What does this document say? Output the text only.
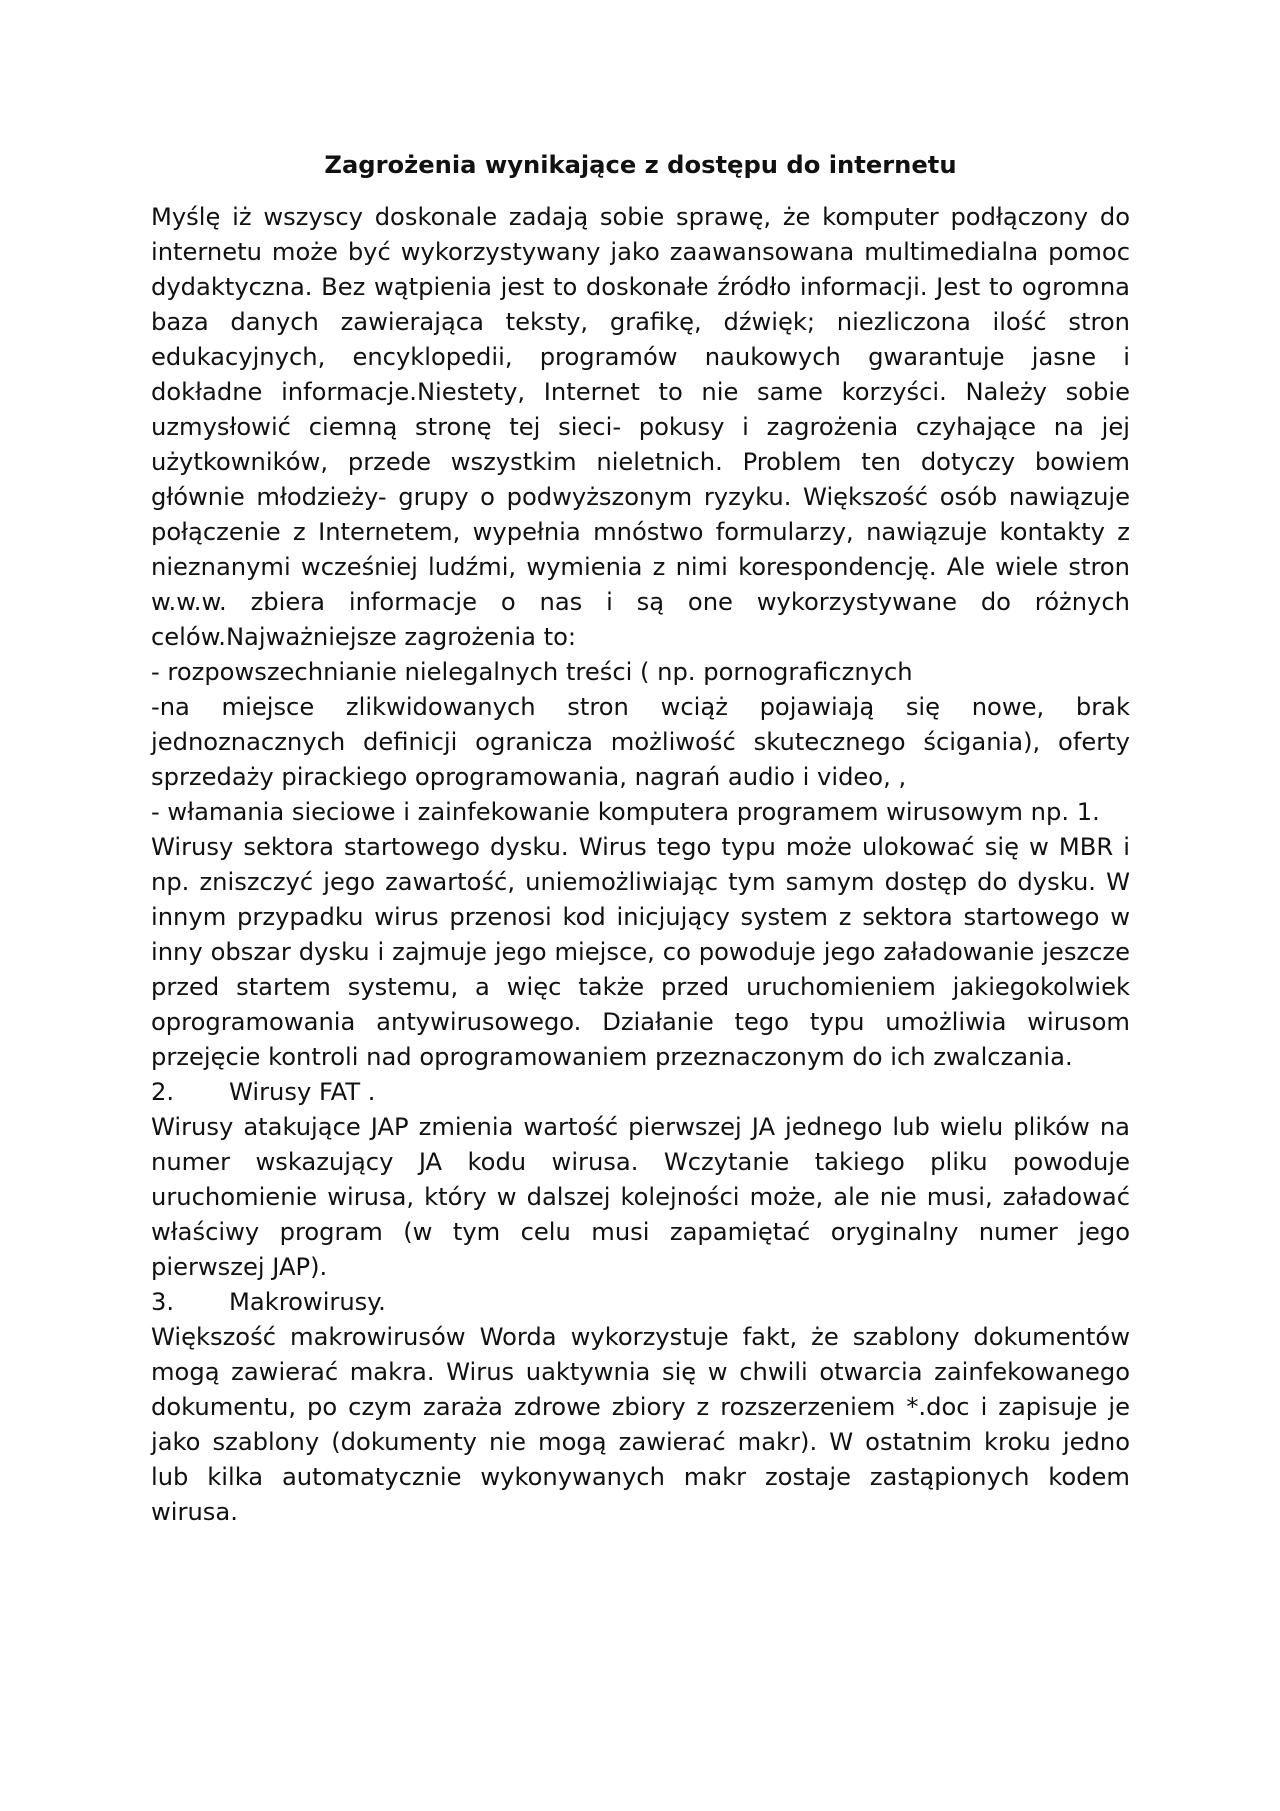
Zagrożenia wynikające z dostępu do internetu

Myślę iż wszyscy doskonale zadają sobie sprawę, że komputer podłączony do internetu może być wykorzystywany jako zaawansowana multimedialna pomoc dydaktyczna. Bez wątpienia jest to doskonałe źródło informacji. Jest to ogromna baza danych zawierająca teksty, grafikę, dźwięk; niezliczona ilość stron edukacyjnych, encyklopedii, programów naukowych gwarantuje jasne i dokładne informacje.Niestety, Internet to nie same korzyści. Należy sobie uzmysłowić ciemną stronę tej sieci- pokusy i zagrożenia czyhające na jej użytkowników, przede wszystkim nieletnich. Problem ten dotyczy bowiem głównie młodzieży- grupy o podwyższonym ryzyku. Większość osób nawiązuje połączenie z Internetem, wypełnia mnóstwo formularzy, nawiązuje kontakty z nieznanymi wcześniej ludźmi, wymienia z nimi korespondencję. Ale wiele stron w.w.w. zbiera informacje o nas i są one wykorzystywane do różnych celów.Najważniejsze zagrożenia to:

- rozpowszechnianie nielegalnych treści ( np. pornograficznych

-na miejsce zlikwidowanych stron wciąż pojawiają się nowe, brak jednoznacznych definicji ogranicza możliwość skutecznego ścigania), oferty sprzedaży pirackiego oprogramowania, nagrań audio i video, ,

- włamania sieciowe i zainfekowanie komputera programem wirusowym np. 1.

Wirusy sektora startowego dysku. Wirus tego typu może ulokować się w MBR i np. zniszczyć jego zawartość, uniemożliwiając tym samym dostęp do dysku. W innym przypadku wirus przenosi kod inicjujący system z sektora startowego w inny obszar dysku i zajmuje jego miejsce, co powoduje jego załadowanie jeszcze przed startem systemu, a więc także przed uruchomieniem jakiegokolwiek oprogramowania antywirusowego. Działanie tego typu umożliwia wirusom przejęcie kontroli nad oprogramowaniem przeznaczonym do ich zwalczania.

2.	Wirusy FAT .

Wirusy atakujące JAP zmienia wartość pierwszej JA jednego lub wielu plików na numer wskazujący JA kodu wirusa. Wczytanie takiego pliku powoduje uruchomienie wirusa, który w dalszej kolejności może, ale nie musi, załadować właściwy program (w tym celu musi zapamiętać oryginalny numer jego pierwszej JAP).

3.	Makrowirusy.

Większość makrowirusów Worda wykorzystuje fakt, że szablony dokumentów mogą zawierać makra. Wirus uaktywnia się w chwili otwarcia zainfekowanego dokumentu, po czym zaraża zdrowe zbiory z rozszerzeniem *.doc i zapisuje je jako szablony (dokumenty nie mogą zawierać makr). W ostatnim kroku jedno lub kilka automatycznie wykonywanych makr zostaje zastąpionych kodem wirusa.
